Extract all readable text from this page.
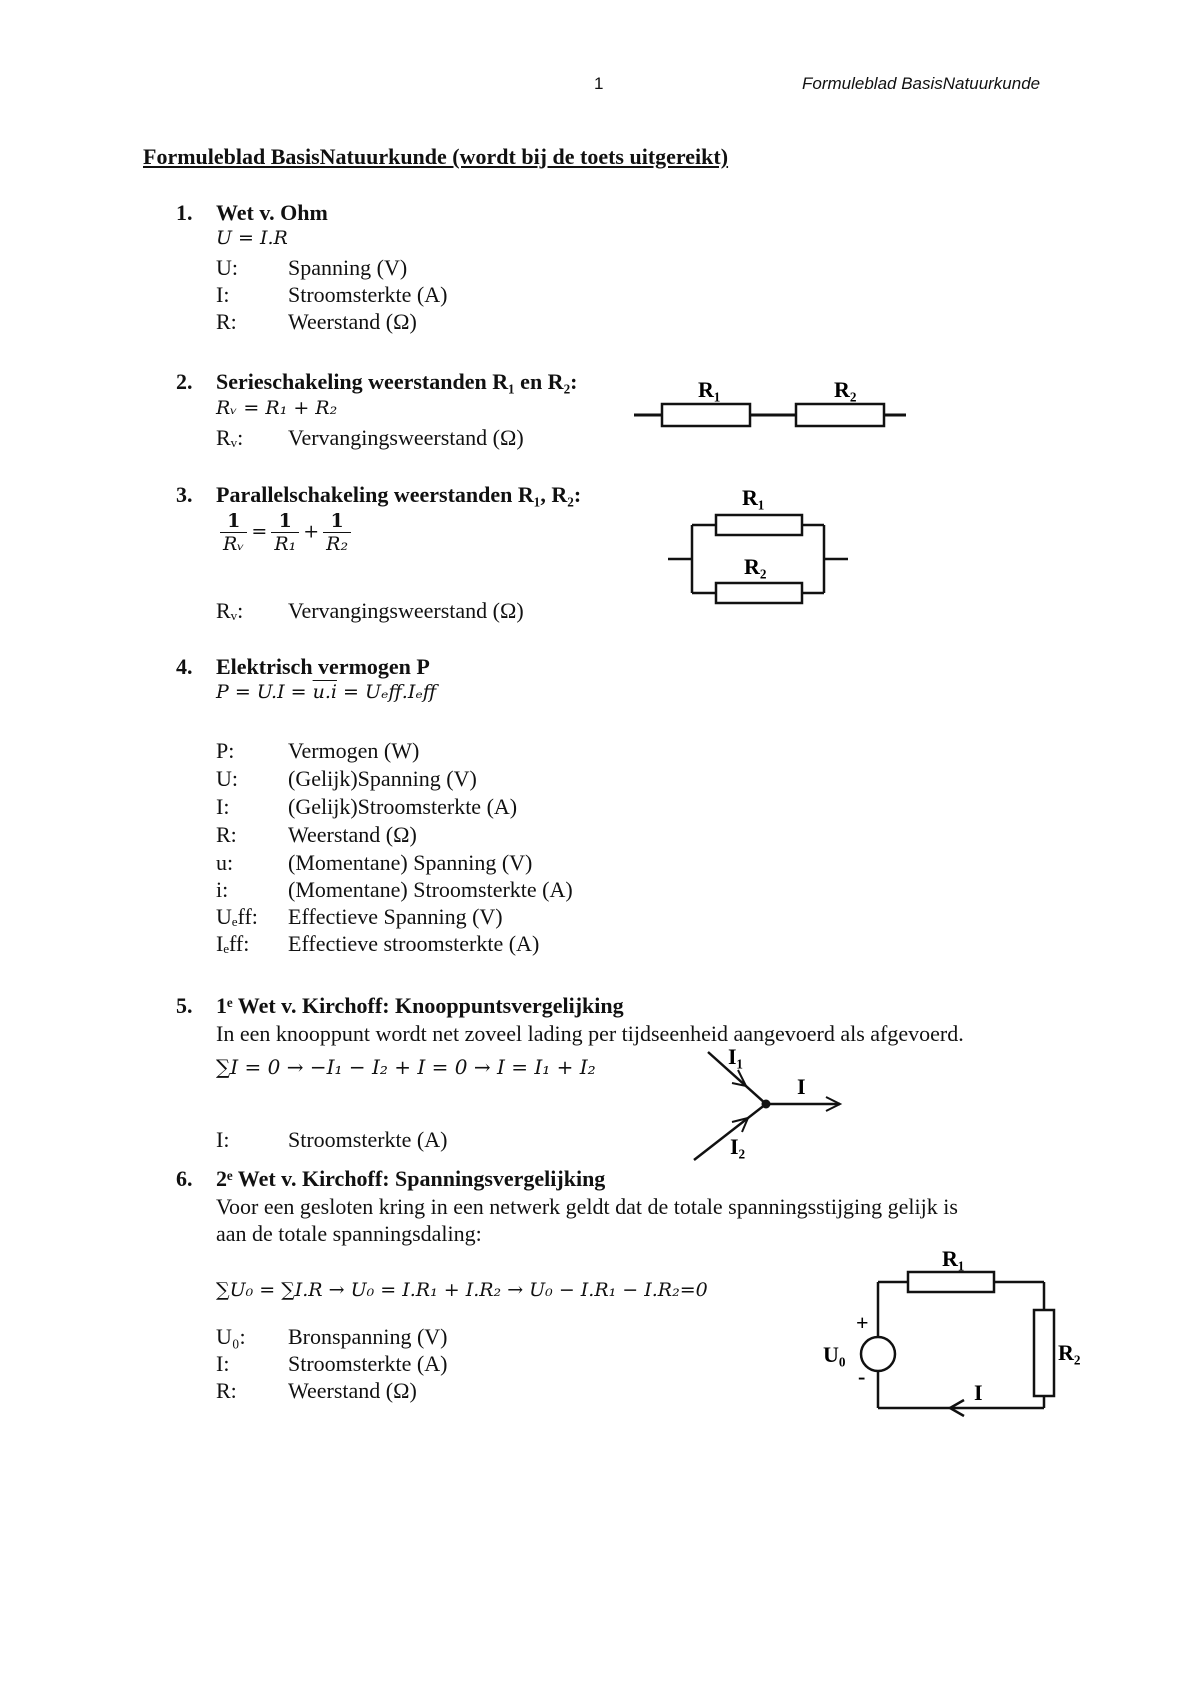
1	Formuleblad BasisNatuurkunde
Formuleblad BasisNatuurkunde (wordt bij de toets uitgereikt)
1. Wet v. Ohm
U = I.R
U: Spanning (V)
I:	Stroomsterkte (A)
R: Weerstand (Ω)
2. Serieschakeling weerstanden R₁ en R₂:
Rᵥ = R₁ + R₂
Rᵥ: Vervangingsweerstand (Ω)
R₁	R₂
3. Parallelschakeling weerstanden R₁, R₂:
$\frac{1}{\text{Rᵥ}} = \frac{1}{\text{R₁}} + \frac{1}{\text{R₂}}$
Rᵥ: Vervangingsweerstand (Ω)
R₁
R₂
4. Elektrisch vermogen P
P = U.I = u.i = Uₑff.Iₑff
P: Vermogen (W)
U: (Gelijk)Spanning (V)
I:	(Gelijk)Stroomsterkte (A)
R: Weerstand (Ω)
u: (Momentane) Spanning (V)
i:	(Momentane) Stroomsterkte (A)
Uₑff: Effectieve Spanning (V)
Iₑff: Effectieve stroomsterkte (A)
5. 1ᵉ Wet v. Kirchoff: Knooppuntsvergelijking
In een knooppunt wordt net zoveel lading per tijdseenheid aangevoerd als afgevoerd.
∑I = 0 → −I₁ − I₂ + I = 0 → I = I₁ + I₂
I:	Stroomsterkte (A)
I₁
I₂
I
6. 2ᵉ Wet v. Kirchoff: Spanningsvergelijking
Voor een gesloten kring in een netwerk geldt dat de totale spanningsstijging gelijk is
aan de totale spanningsdaling:
∑U₀ = ∑I.R → U₀ = I.R₁ + I.R₂ → U₀ − I.R₁ − I.R₂=0
U₀: Bronspanning (V)
I:	Stroomsterkte (A)
R: Weerstand (Ω)
R₁
R₂
+
-
U₀
I
